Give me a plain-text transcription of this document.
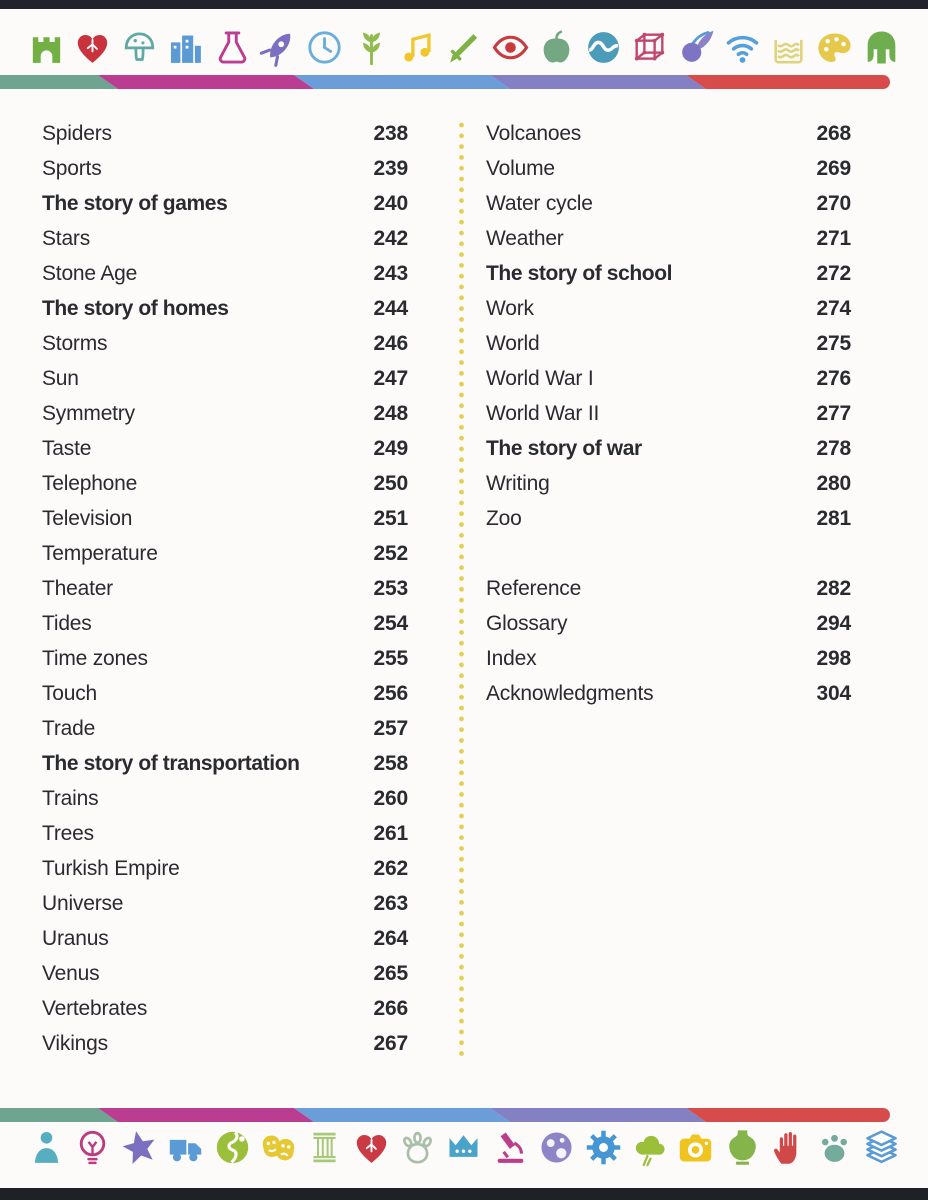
Spiders	238
Sports	239
The story of games	240
Stars	242
Stone Age	243
The story of homes	244
Storms	246
Sun	247
Symmetry	248
Taste	249
Telephone	250
Television	251
Temperature	252
Theater	253
Tides	254
Time zones	255
Touch	256
Trade	257
The story of transportation	258
Trains	260
Trees	261
Turkish Empire	262
Universe	263
Uranus	264
Venus	265
Vertebrates	266
Vikings	267
Volcanoes	268
Volume	269
Water cycle	270
Weather	271
The story of school	272
Work	274
World	275
World War I	276
World War II	277
The story of war	278
Writing	280
Zoo	281
Reference	282
Glossary	294
Index	298
Acknowledgments	304
